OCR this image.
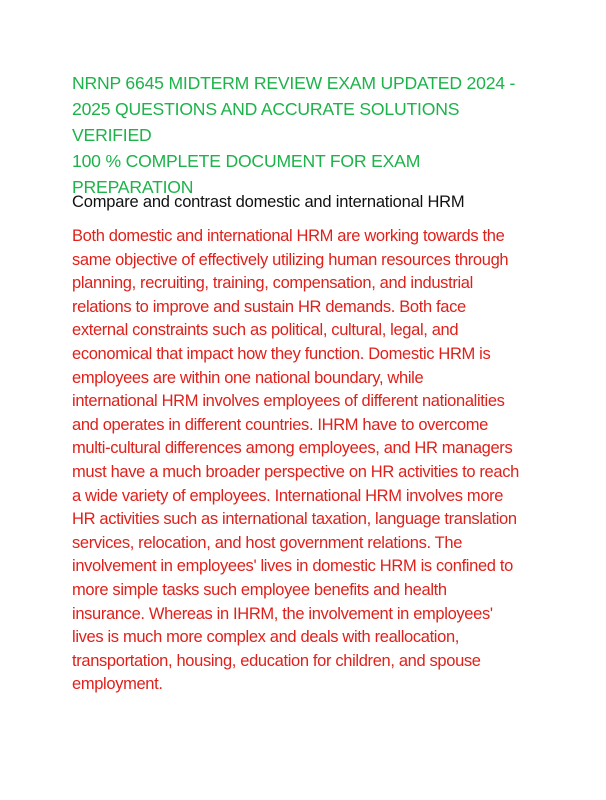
NRNP 6645 MIDTERM REVIEW EXAM UPDATED 2024 -
2025 QUESTIONS AND ACCURATE SOLUTIONS VERIFIED
100 % COMPLETE DOCUMENT FOR EXAM PREPARATION
Compare and contrast domestic and international HRM
Both domestic and international HRM are working towards the
same objective of effectively utilizing human resources through
planning, recruiting, training, compensation, and industrial
relations to improve and sustain HR demands. Both face
external constraints such as political, cultural, legal, and
economical that impact how they function. Domestic HRM is
employees are within one national boundary, while
international HRM involves employees of different nationalities
and operates in different countries. IHRM have to overcome
multi-cultural differences among employees, and HR managers
must have a much broader perspective on HR activities to reach
a wide variety of employees. International HRM involves more
HR activities such as international taxation, language translation
services, relocation, and host government relations. The
involvement in employees' lives in domestic HRM is confined to
more simple tasks such employee benefits and health
insurance. Whereas in IHRM, the involvement in employees'
lives is much more complex and deals with reallocation,
transportation, housing, education for children, and spouse
employment.
